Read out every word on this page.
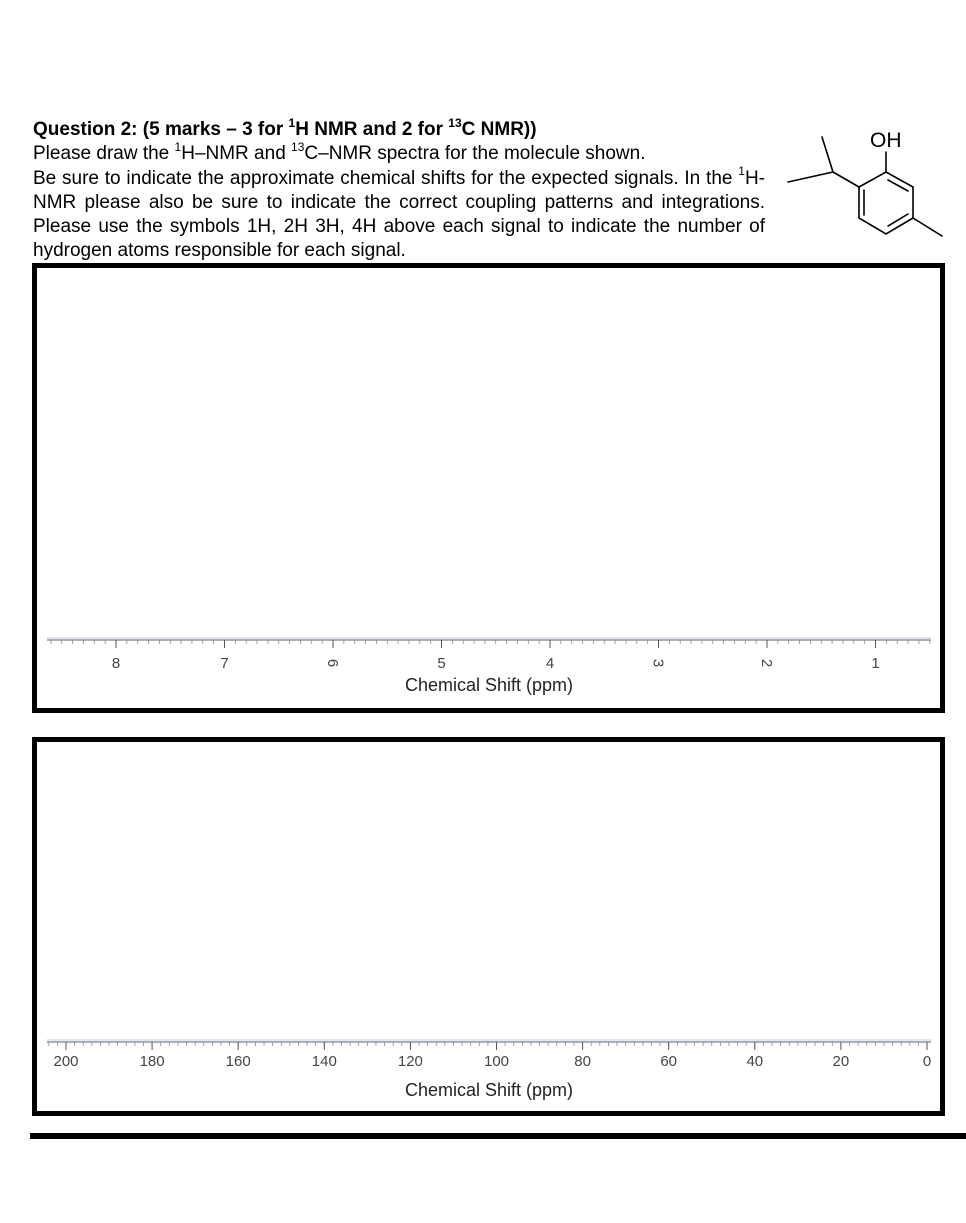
Question 2: (5 marks – 3 for $^1$H NMR and 2 for $^{13}$C NMR))
Please draw the $^1$H–NMR and $^{13}$C–NMR spectra for the molecule shown.
Be sure to indicate the approximate chemical shifts for the expected signals. In the $^1$H-NMR please also be sure to indicate the correct coupling patterns and integrations. Please use the symbols 1H, 2H 3H, 4H above each signal to indicate the number of hydrogen atoms responsible for each signal.
OH
8	7	6	5	4	3	2	1
Chemical Shift (ppm)
200	180	160	140	120	100	80	60	40	20	0
Chemical Shift (ppm)
